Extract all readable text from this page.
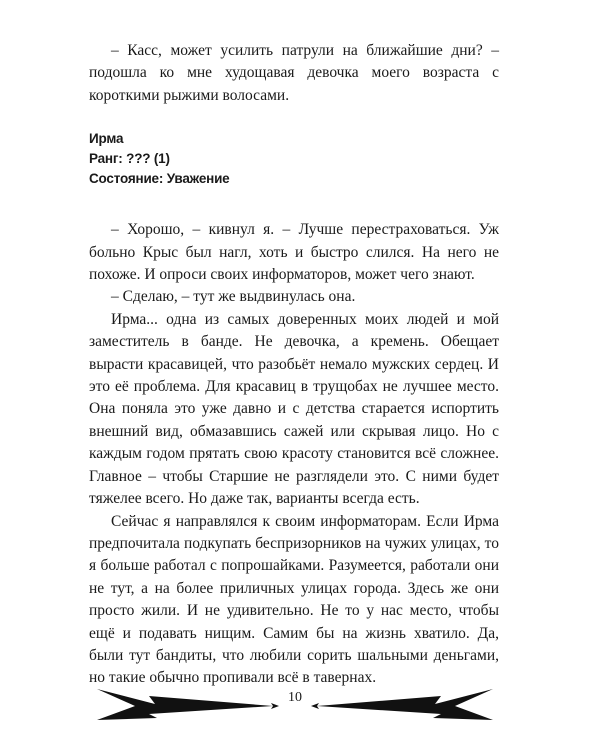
– Касс, может усилить патрули на ближайшие дни? – подошла ко мне худощавая девочка моего возраста с короткими рыжими волосами.

Ирма
Ранг: ??? (1)
Состояние: Уважение

– Хорошо, – кивнул я. – Лучше перестраховаться. Уж больно Крыс был нагл, хоть и быстро слился. На него не похоже. И опроси своих информаторов, может чего знают.

– Сделаю, – тут же выдвинулась она.

Ирма... одна из самых доверенных моих людей и мой заместитель в банде. Не девочка, а кремень. Обещает вырасти красавицей, что разобьёт немало мужских сердец. И это её проблема. Для красавиц в трущобах не лучшее место. Она поняла это уже давно и с детства старается испортить внешний вид, обмазавшись сажей или скрывая лицо. Но с каждым годом прятать свою красоту становится всё сложнее. Главное – чтобы Старшие не разглядели это. С ними будет тяжелее всего. Но даже так, варианты всегда есть.

Сейчас я направлялся к своим информаторам. Если Ирма предпочитала подкупать беспризорников на чужих улицах, то я больше работал с попрошайками. Разумеется, работали они не тут, а на более приличных улицах города. Здесь же они просто жили. И не удивительно. Не то у нас место, чтобы ещё и подавать нищим. Самим бы на жизнь хватило. Да, были тут бандиты, что любили сорить шальными деньгами, но такие обычно пропивали всё в тавернах.

10
